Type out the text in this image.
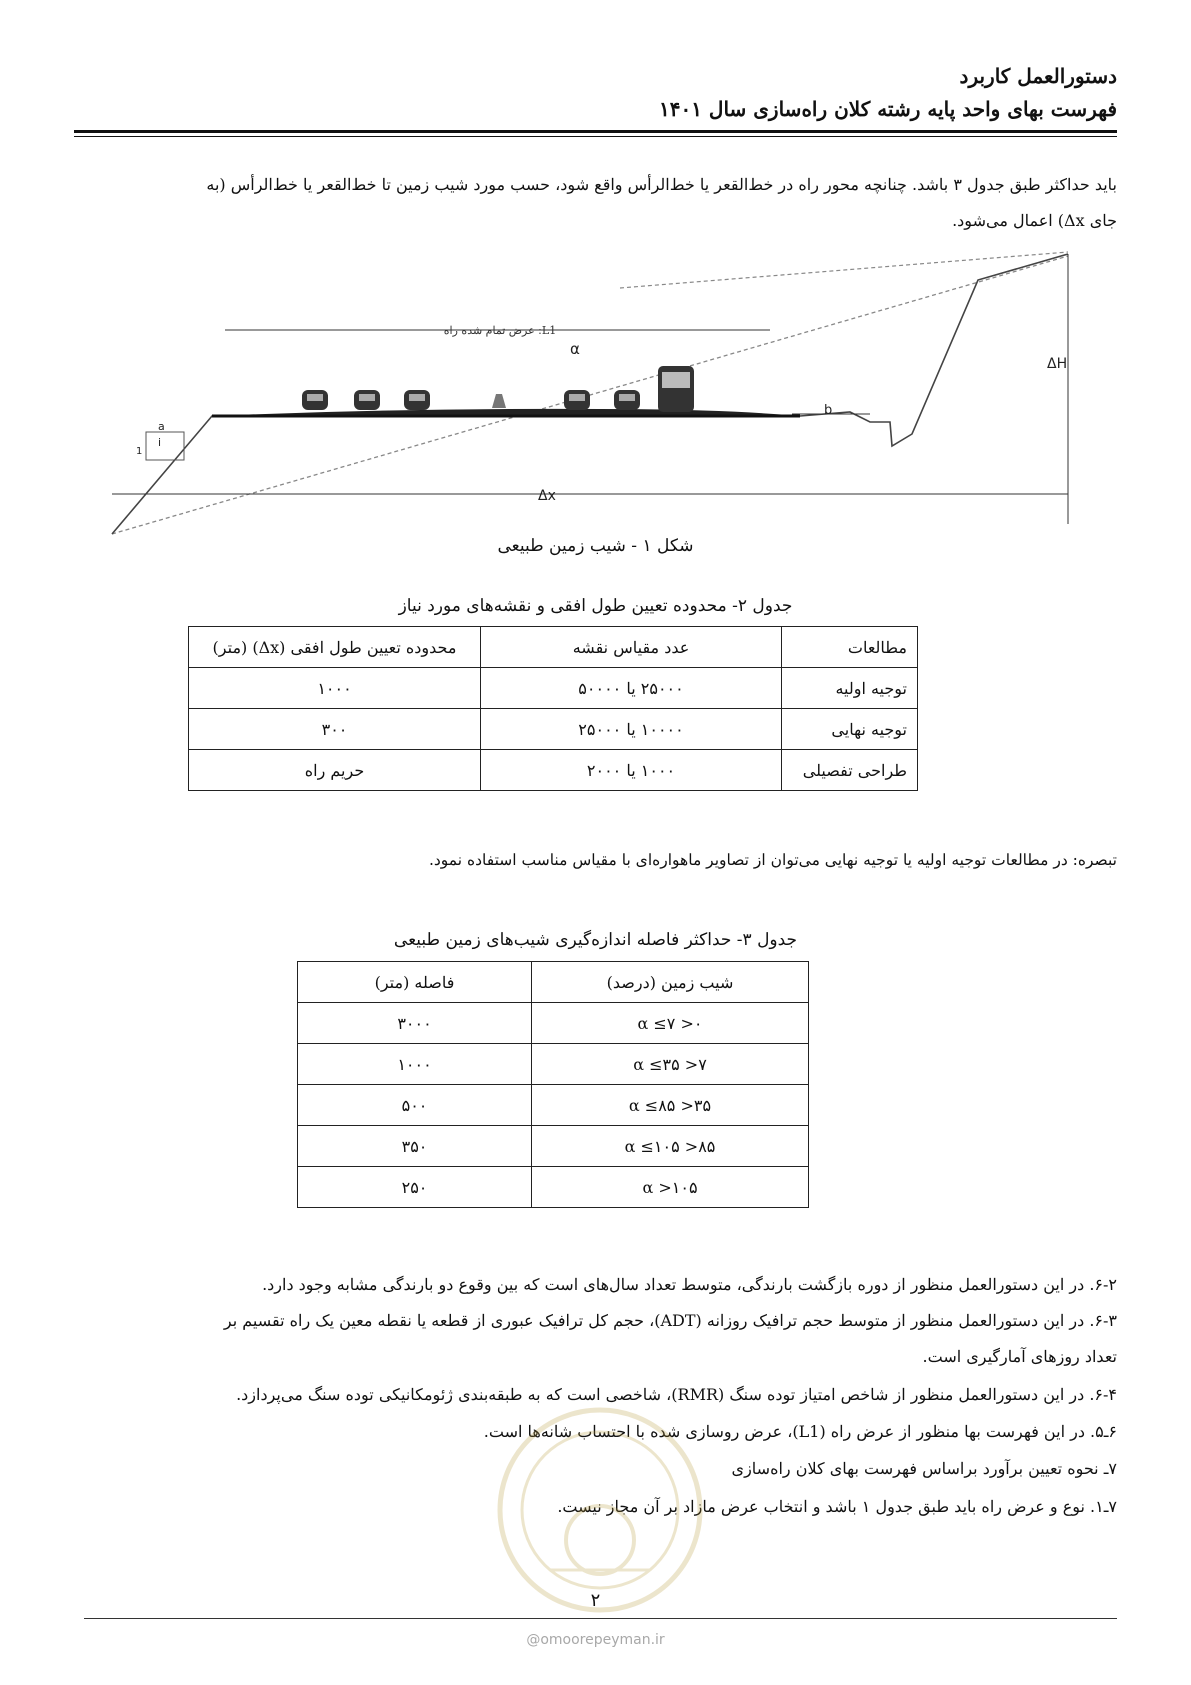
دستورالعمل کاربرد
فهرست بهای واحد پایه رشته کلان راه‌سازی سال ۱۴۰۱
باید حداکثر طبق جدول ۳ باشد. چنانچه محور راه در خط‌القعر یا خط‌الرأس واقع شود، حسب مورد شیب زمین تا خط‌القعر یا خط‌الرأس (به
جای Δx) اعمال می‌شود.
ΔH
Δx
L1: عرض تمام شده راه
α
b
a
i
1
شکل ۱ - شیب زمین طبیعی
جدول ۲- محدوده تعیین طول افقی و نقشه‌های مورد نیاز
مطالعات	عدد مقیاس نقشه	محدوده تعیین طول افقی (Δx) (متر)
توجیه اولیه	۲۵۰۰۰ یا ۵۰۰۰۰	۱۰۰۰
توجیه نهایی	۱۰۰۰۰ یا ۲۵۰۰۰	۳۰۰
طراحی تفصیلی	۱۰۰۰ یا ۲۰۰۰	حریم راه
تبصره: در مطالعات توجیه اولیه یا توجیه نهایی می‌توان از تصاویر ماهواره‌ای با مقیاس مناسب استفاده نمود.
جدول ۳- حداکثر فاصله اندازه‌گیری شیب‌های زمین طبیعی
شیب زمین (درصد)	فاصله (متر)
۰< α ≤۷	۳۰۰۰
۷< α ≤۳۵	۱۰۰۰
۳۵< α ≤۸۵	۵۰۰
۸۵< α ≤۱۰۵	۳۵۰
α >۱۰۵	۲۵۰
۶-۲. در این دستورالعمل منظور از دوره بازگشت بارندگی، متوسط تعداد سال‌های است که بین وقوع دو بارندگی مشابه وجود دارد.
۶-۳. در این دستورالعمل منظور از متوسط حجم ترافیک روزانه (ADT)، حجم کل ترافیک عبوری از قطعه یا نقطه معین یک راه تقسیم بر
تعداد روزهای آمارگیری است.
۶-۴. در این دستورالعمل منظور از شاخص امتیاز توده سنگ (RMR)، شاخصی است که به طبقه‌بندی ژئومکانیکی توده سنگ می‌پردازد.
۶ـ۵. در این فهرست بها منظور از عرض راه (L1)، عرض روسازی شده با احتساب شانه‌ها است.
۷ـ نحوه تعیین برآورد براساس فهرست بهای کلان راه‌سازی
۷ـ۱. نوع و عرض راه باید طبق جدول ۱ باشد و انتخاب عرض مازاد بر آن مجاز نیست.
۲
@omoorepeyman.ir
